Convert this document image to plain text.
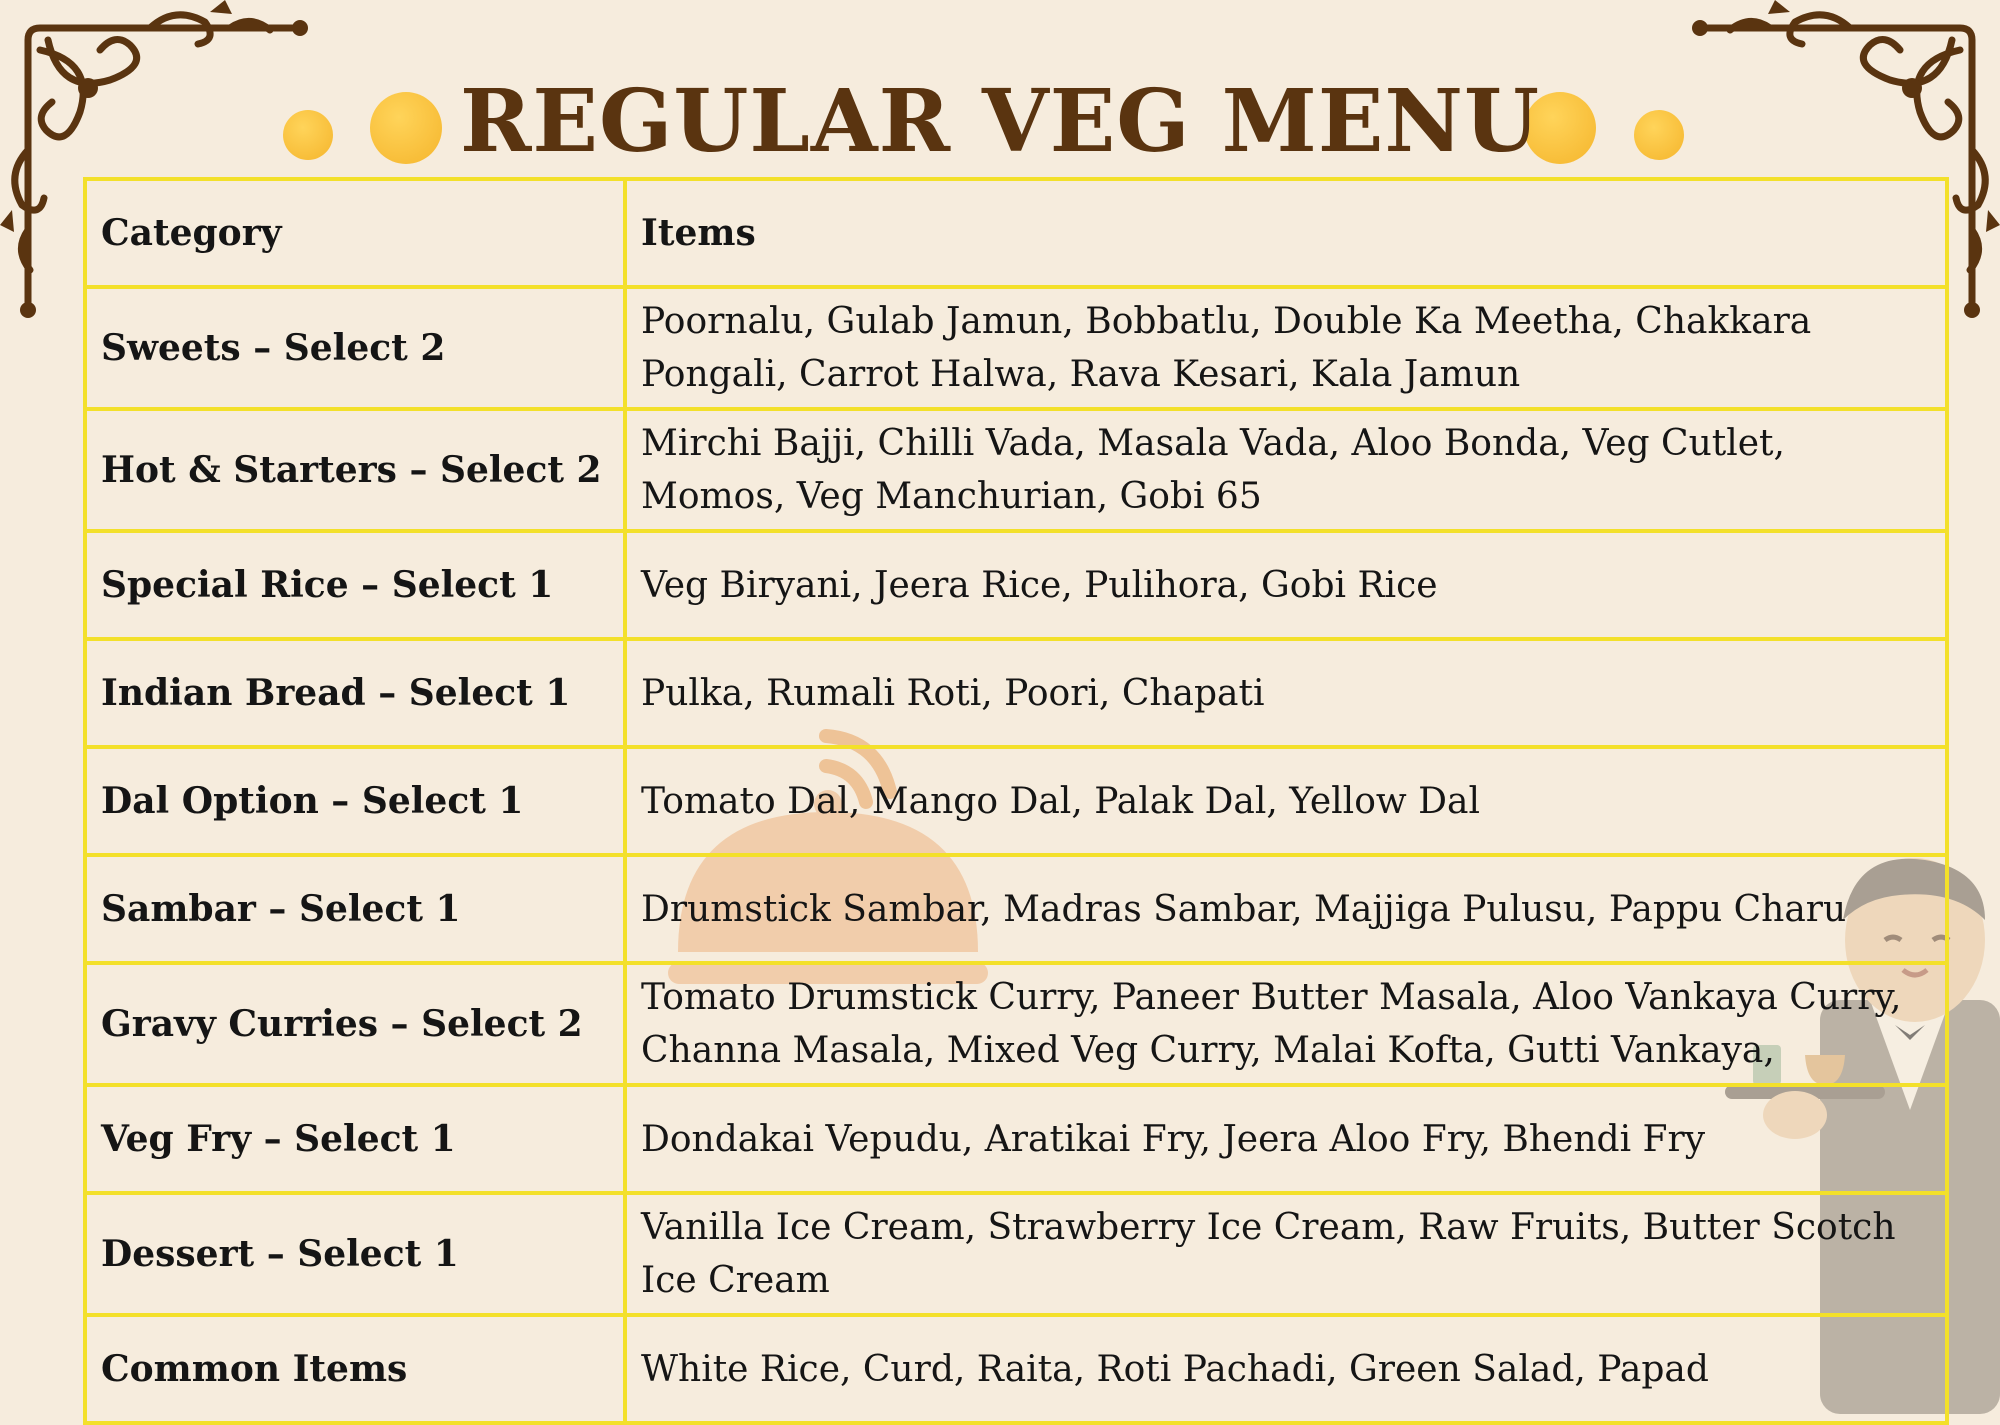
REGULAR VEG MENU
Category	Items
Sweets – Select 2	Poornalu, Gulab Jamun, Bobbatlu, Double Ka Meetha, Chakkara Pongali, Carrot Halwa, Rava Kesari, Kala Jamun
Hot & Starters – Select 2	Mirchi Bajji, Chilli Vada, Masala Vada, Aloo Bonda, Veg Cutlet, Momos, Veg Manchurian, Gobi 65
Special Rice – Select 1	Veg Biryani, Jeera Rice, Pulihora, Gobi Rice
Indian Bread – Select 1	Pulka, Rumali Roti, Poori, Chapati
Dal Option – Select 1	Tomato Dal, Mango Dal, Palak Dal, Yellow Dal
Sambar – Select 1	Drumstick Sambar, Madras Sambar, Majjiga Pulusu, Pappu Charu
Gravy Curries – Select 2	Tomato Drumstick Curry, Paneer Butter Masala, Aloo Vankaya Curry, Channa Masala, Mixed Veg Curry, Malai Kofta, Gutti Vankaya,
Veg Fry – Select 1	Dondakai Vepudu, Aratikai Fry, Jeera Aloo Fry, Bhendi Fry
Dessert – Select 1	Vanilla Ice Cream, Strawberry Ice Cream, Raw Fruits, Butter Scotch Ice Cream
Common Items	White Rice, Curd, Raita, Roti Pachadi, Green Salad, Papad
